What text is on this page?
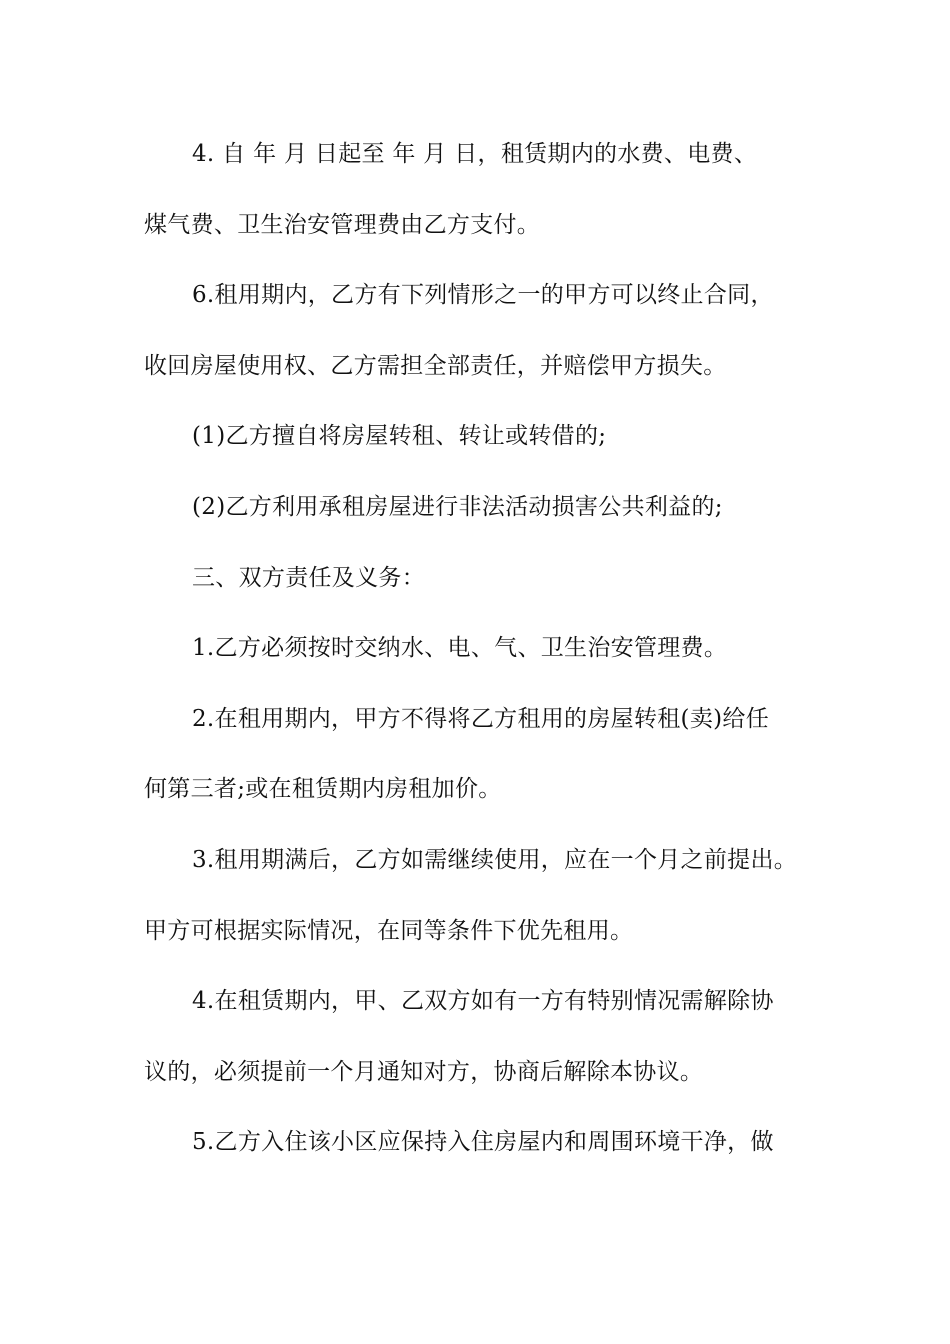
4. 自 年 月 日起至 年 月 日，租赁期内的水费、电费、
煤气费、卫生治安管理费由乙方支付。
6.租用期内，乙方有下列情形之一的甲方可以终止合同，
收回房屋使用权、乙方需担全部责任，并赔偿甲方损失。
(1)乙方擅自将房屋转租、转让或转借的;
(2)乙方利用承租房屋进行非法活动损害公共利益的;
三、双方责任及义务：
1.乙方必须按时交纳水、电、气、卫生治安管理费。
2.在租用期内，甲方不得将乙方租用的房屋转租(卖)给任
何第三者;或在租赁期内房租加价。
3.租用期满后，乙方如需继续使用，应在一个月之前提出。
甲方可根据实际情况，在同等条件下优先租用。
4.在租赁期内，甲、乙双方如有一方有特别情况需解除协
议的，必须提前一个月通知对方，协商后解除本协议。
5.乙方入住该小区应保持入住房屋内和周围环境干净，做
